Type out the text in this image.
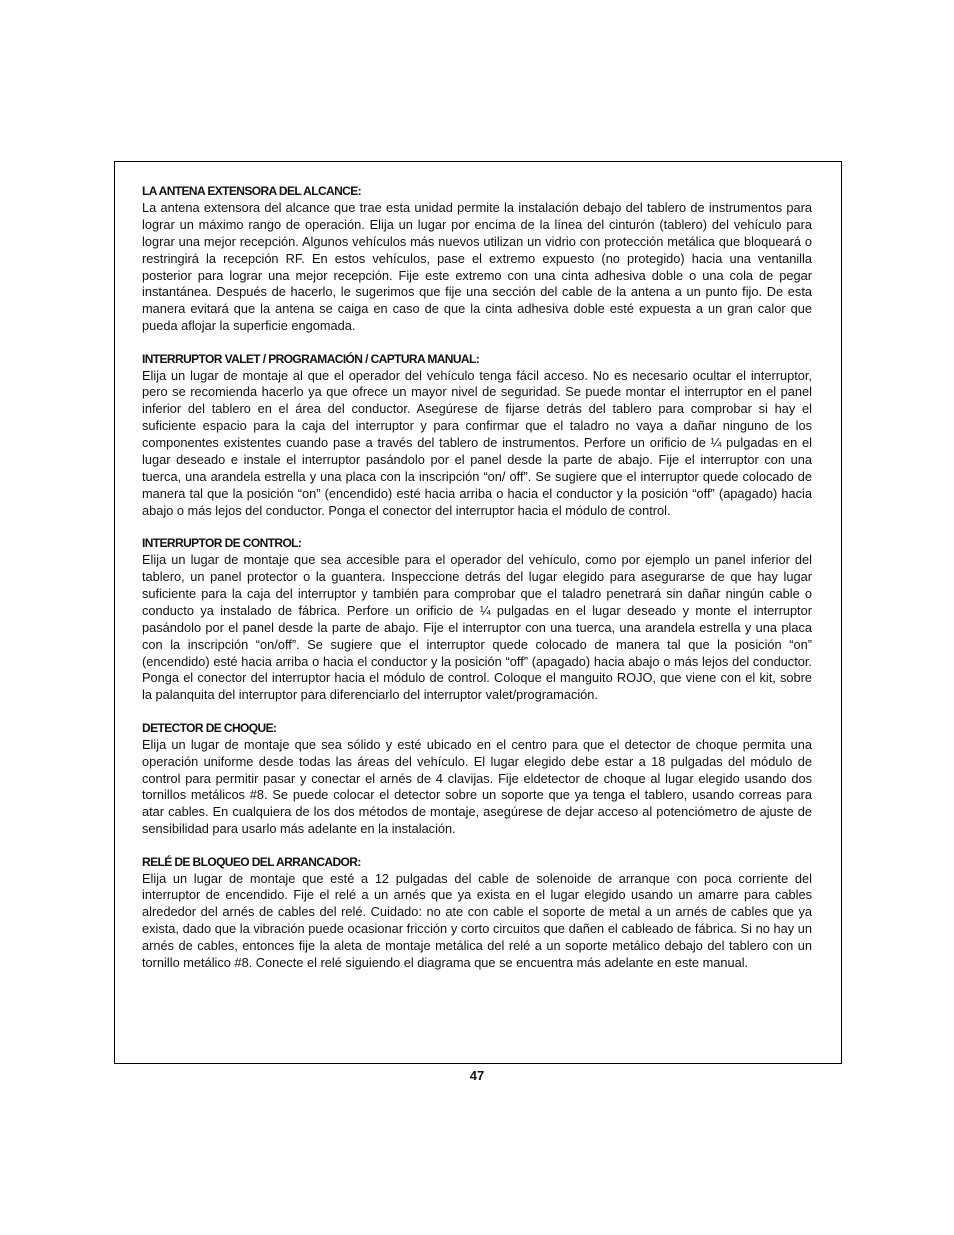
LA ANTENA EXTENSORA DEL ALCANCE:

La antena extensora del alcance que trae esta unidad permite la instalación debajo del tablero de instrumentos para lograr un máximo rango de operación. Elija un lugar por encima de la línea del cinturón (tablero) del vehículo para lograr una mejor recepción. Algunos vehículos más nuevos utilizan un vidrio con protección metálica que bloqueará o restringirá la recepción RF. En estos vehículos, pase el extremo expuesto (no protegido) hacia una ventanilla posterior para lograr una mejor recepción. Fije este extremo con una cinta adhesiva doble o una cola de pegar instantánea. Después de hacerlo, le sugerimos que fije una sección del cable de la antena a un punto fijo. De esta manera evitará que la antena se caiga en caso de que la cinta adhesiva doble esté expuesta a un gran calor que pueda aflojar la superficie engomada.

INTERRUPTOR VALET / PROGRAMACIÓN / CAPTURA MANUAL:

Elija un lugar de montaje al que el operador del vehículo tenga fácil acceso. No es necesario ocultar el interruptor, pero se recomienda hacerlo ya que ofrece un mayor nivel de seguridad. Se puede montar el interruptor en el panel inferior del tablero en el área del conductor. Asegúrese de fijarse detrás del tablero para comprobar si hay el suficiente espacio para la caja del interruptor y para confirmar que el taladro no vaya a dañar ninguno de los componentes existentes cuando pase a través del tablero de instrumentos. Perfore un orificio de ¼ pulgadas en el lugar deseado e instale el interruptor pasándolo por el panel desde la parte de abajo. Fije el interruptor con una tuerca, una arandela estrella y una placa con la inscripción “on/ off”. Se sugiere que el interruptor quede colocado de manera tal que la posición “on” (encendido) esté hacia arriba o hacia el conductor y la posición “off” (apagado) hacia abajo o más lejos del conductor. Ponga el conector del interruptor hacia el módulo de control.

INTERRUPTOR DE CONTROL:

Elija un lugar de montaje que sea accesible para el operador del vehículo, como por ejemplo un panel inferior del tablero, un panel protector o la guantera. Inspeccione detrás del lugar elegido para asegurarse de que hay lugar suficiente para la caja del interruptor y también para comprobar que el taladro penetrará sin dañar ningún cable o conducto ya instalado de fábrica. Perfore un orificio de ¼ pulgadas en el lugar deseado y monte el interruptor pasándolo por el panel desde la parte de abajo. Fije el interruptor con una tuerca, una arandela estrella y una placa con la inscripción “on/off”. Se sugiere que el interruptor quede colocado de manera tal que la posición “on” (encendido) esté hacia arriba o hacia el conductor y la posición “off” (apagado) hacia abajo o más lejos del conductor. Ponga el conector del interruptor hacia el módulo de control. Coloque el manguito ROJO, que viene con el kit, sobre la palanquita del interruptor para diferenciarlo del interruptor valet/programación.

DETECTOR DE CHOQUE:

Elija un lugar de montaje que sea sólido y esté ubicado en el centro para que el detector de choque permita una operación uniforme desde todas las áreas del vehículo. El lugar elegido debe estar a 18 pulgadas del módulo de control para permitir pasar y conectar el arnés de 4 clavijas. Fije eldetector de choque al lugar elegido usando dos tornillos metálicos #8. Se puede colocar el detector sobre un soporte que ya tenga el tablero, usando correas para atar cables. En cualquiera de los dos métodos de montaje, asegúrese de dejar acceso al potenciómetro de ajuste de sensibilidad para usarlo más adelante en la instalación.

RELÉ DE BLOQUEO DEL ARRANCADOR:

Elija un lugar de montaje que esté a 12 pulgadas del cable de solenoide de arranque con poca corriente del interruptor de encendido. Fije el relé a un arnés que ya exista en el lugar elegido usando un amarre para cables alrededor del arnés de cables del relé. Cuidado: no ate con cable el soporte de metal a un arnés de cables que ya exista, dado que la vibración puede ocasionar fricción y corto circuitos que dañen el cableado de fábrica. Si no hay un arnés de cables, entonces fije la aleta de montaje metálica del relé a un soporte metálico debajo del tablero con un tornillo metálico #8. Conecte el relé siguiendo el diagrama que se encuentra más adelante en este manual.

47
